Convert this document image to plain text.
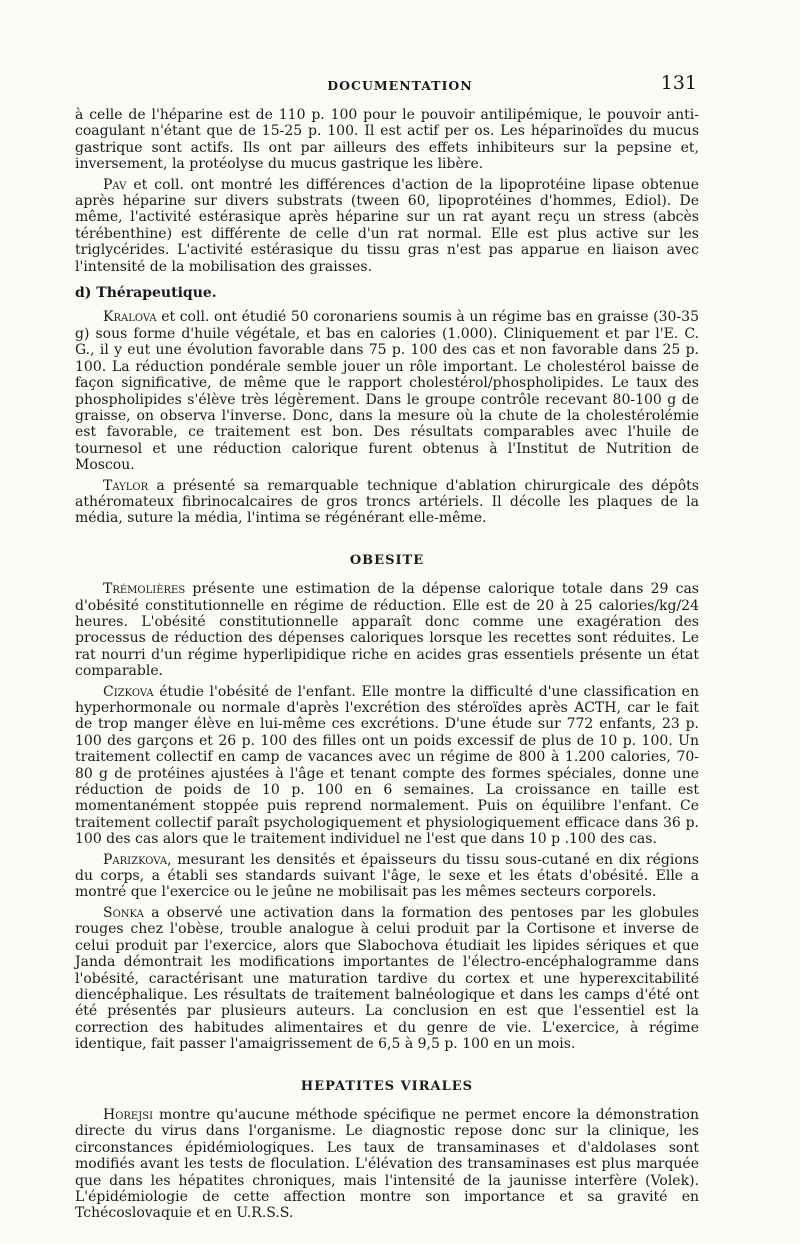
DOCUMENTATION	131

à celle de l'héparine est de 110 p. 100 pour le pouvoir antilipémique, le pouvoir anti-coagulant n'étant que de 15-25 p. 100. Il est actif per os. Les héparinoïdes du mucus gastrique sont actifs. Ils ont par ailleurs des effets inhibiteurs sur la pepsine et, inversement, la protéolyse du mucus gastrique les libère.

Pav et coll. ont montré les différences d'action de la lipoprotéine lipase obtenue après héparine sur divers substrats (tween 60, lipoprotéines d'hommes, Ediol). De même, l'activité estérasique après héparine sur un rat ayant reçu un stress (abcès térébenthine) est différente de celle d'un rat normal. Elle est plus active sur les triglycérides. L'activité estérasique du tissu gras n'est pas apparue en liaison avec l'intensité de la mobilisation des graisses.

d) Thérapeutique.

Kralova et coll. ont étudié 50 coronariens soumis à un régime bas en graisse (30-35 g) sous forme d'huile végétale, et bas en calories (1.000). Cliniquement et par l'E. C. G., il y eut une évolution favorable dans 75 p. 100 des cas et non favorable dans 25 p. 100. La réduction pondérale semble jouer un rôle important. Le cholestérol baisse de façon significative, de même que le rapport cholestérol/phospholipides. Le taux des phospholipides s'élève très légèrement. Dans le groupe contrôle recevant 80-100 g de graisse, on observa l'inverse. Donc, dans la mesure où la chute de la cholestérolémie est favorable, ce traitement est bon. Des résultats comparables avec l'huile de tournesol et une réduction calorique furent obtenus à l'Institut de Nutrition de Moscou.

Taylor a présenté sa remarquable technique d'ablation chirurgicale des dépôts athéromateux fibrinocalcaires de gros troncs artériels. Il décolle les plaques de la média, suture la média, l'intima se régénérant elle-même.

OBESITE

Trémolières présente une estimation de la dépense calorique totale dans 29 cas d'obésité constitutionnelle en régime de réduction. Elle est de 20 à 25 calories/kg/24 heures. L'obésité constitutionnelle apparaît donc comme une exagération des processus de réduction des dépenses caloriques lorsque les recettes sont réduites. Le rat nourri d'un régime hyperlipidique riche en acides gras essentiels présente un état comparable.

Cizkova étudie l'obésité de l'enfant. Elle montre la difficulté d'une classification en hyperhormonale ou normale d'après l'excrétion des stéroïdes après ACTH, car le fait de trop manger élève en lui-même ces excrétions. D'une étude sur 772 enfants, 23 p. 100 des garçons et 26 p. 100 des filles ont un poids excessif de plus de 10 p. 100. Un traitement collectif en camp de vacances avec un régime de 800 à 1.200 calories, 70-80 g de protéines ajustées à l'âge et tenant compte des formes spéciales, donne une réduction de poids de 10 p. 100 en 6 semaines. La croissance en taille est momentanément stoppée puis reprend normalement. Puis on équilibre l'enfant. Ce traitement collectif paraît psychologiquement et physiologiquement efficace dans 36 p. 100 des cas alors que le traitement individuel ne l'est que dans 10 p .100 des cas.

Parizkova, mesurant les densités et épaisseurs du tissu sous-cutané en dix régions du corps, a établi ses standards suivant l'âge, le sexe et les états d'obésité. Elle a montré que l'exercice ou le jeûne ne mobilisait pas les mêmes secteurs corporels.

Sonka a observé une activation dans la formation des pentoses par les globules rouges chez l'obèse, trouble analogue à celui produit par la Cortisone et inverse de celui produit par l'exercice, alors que Slabochova étudiait les lipides sériques et que Janda démontrait les modifications importantes de l'électro-encéphalogramme dans l'obésité, caractérisant une maturation tardive du cortex et une hyperexcitabilité diencéphalique. Les résultats de traitement balnéologique et dans les camps d'été ont été présentés par plusieurs auteurs. La conclusion en est que l'essentiel est la correction des habitudes alimentaires et du genre de vie. L'exercice, à régime identique, fait passer l'amaigrissement de 6,5 à 9,5 p. 100 en un mois.

HEPATITES VIRALES

Horejsi montre qu'aucune méthode spécifique ne permet encore la démonstration directe du virus dans l'organisme. Le diagnostic repose donc sur la clinique, les circonstances épidémiologiques. Les taux de transaminases et d'aldolases sont modifiés avant les tests de floculation. L'élévation des transaminases est plus marquée que dans les hépatites chroniques, mais l'intensité de la jaunisse interfère (Volek). L'épidémiologie de cette affection montre son importance et sa gravité en Tchécoslovaquie et en U.R.S.S.
